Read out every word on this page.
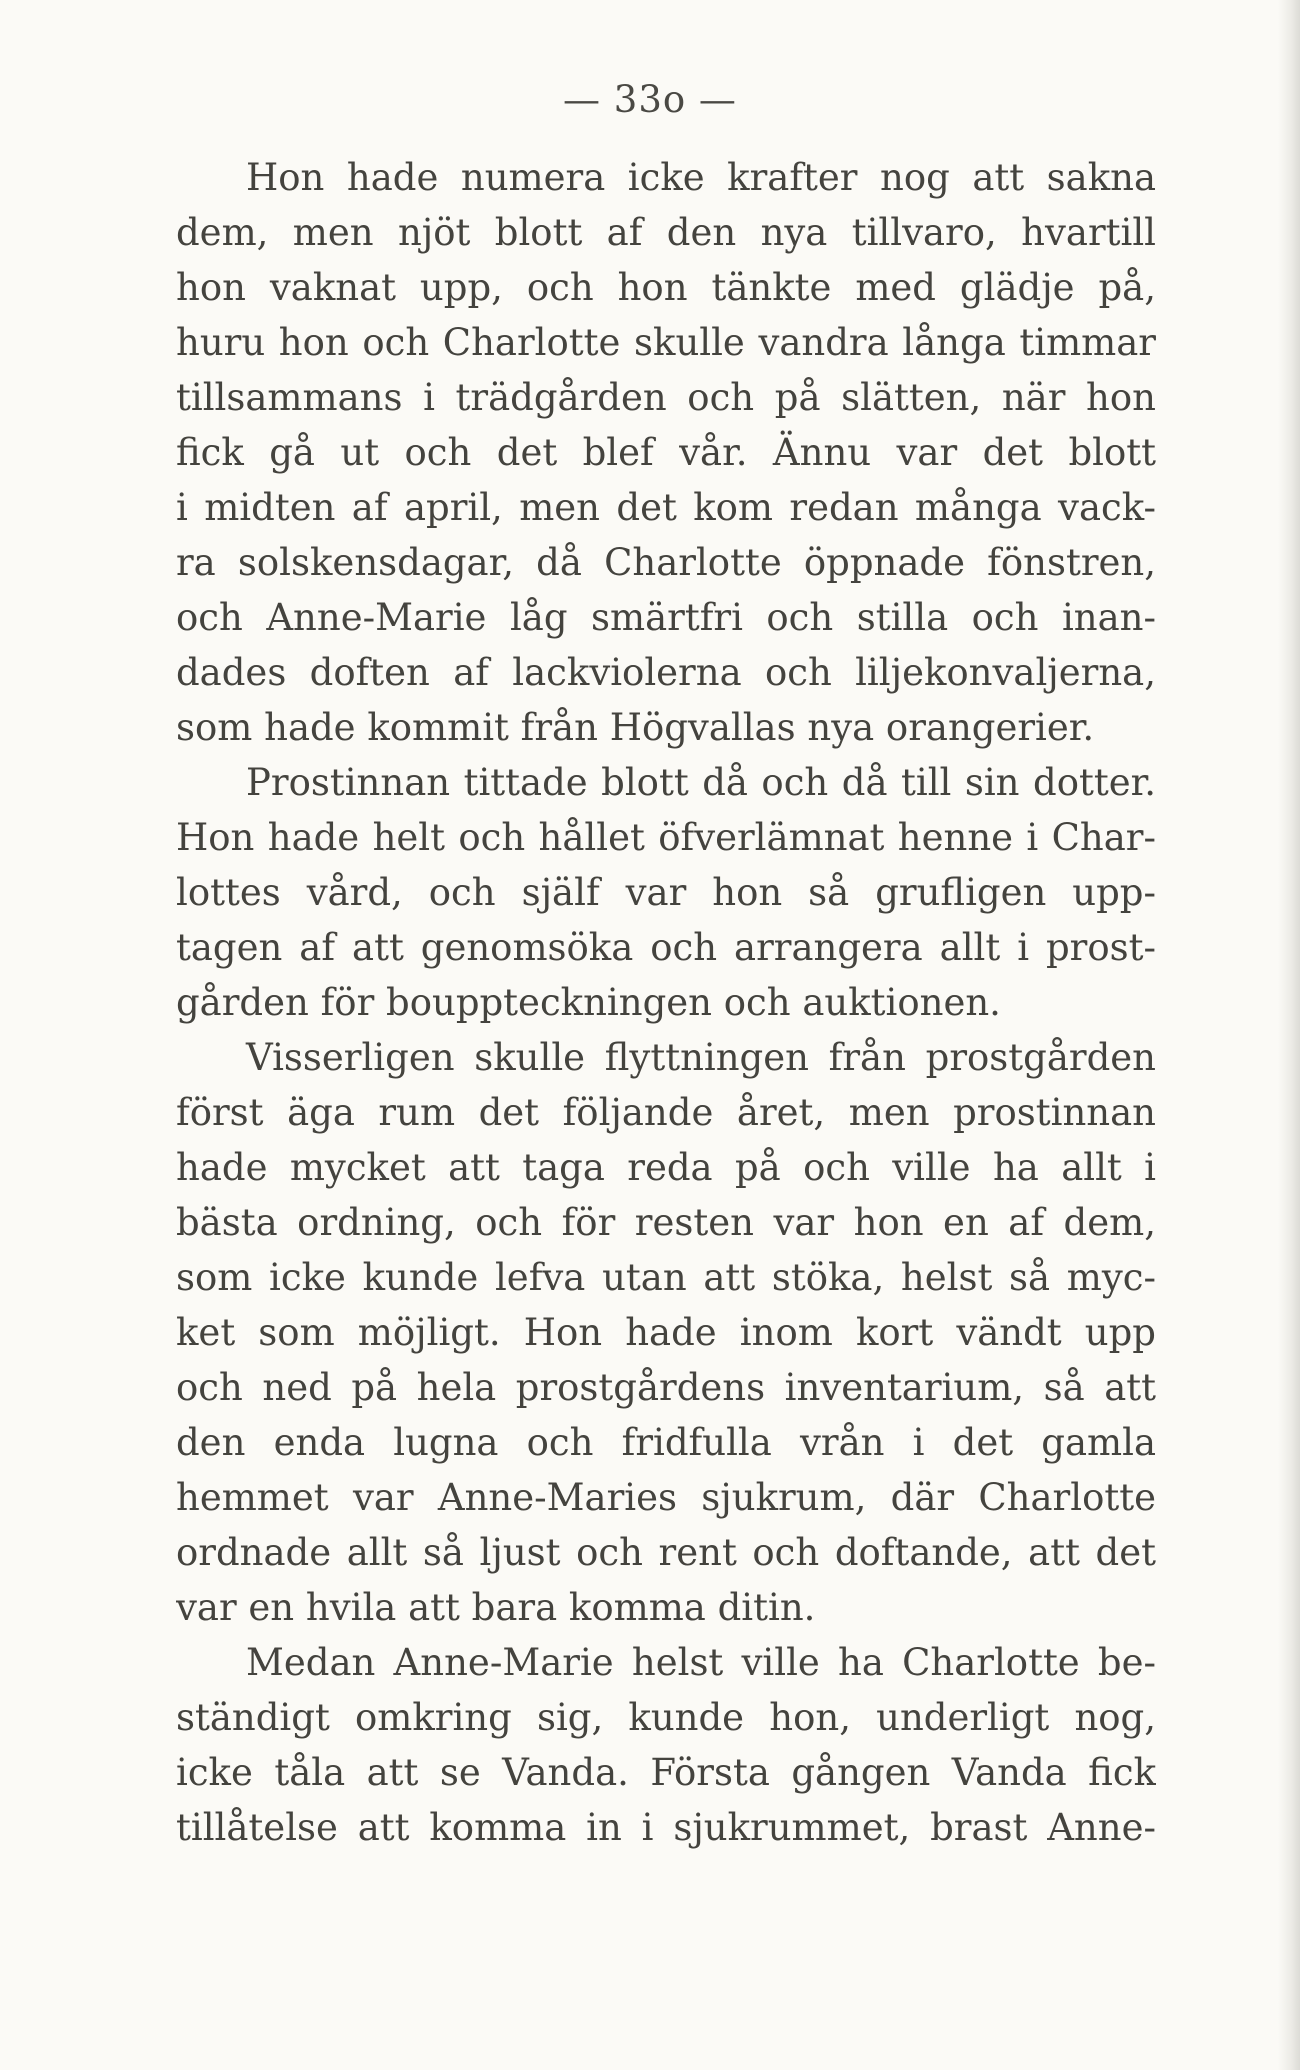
— 33o —
Hon hade numera icke krafter nog att sakna
dem, men njöt blott af den nya tillvaro, hvartill
hon vaknat upp, och hon tänkte med glädje på,
huru hon och Charlotte skulle vandra långa timmar
tillsammans i trädgården och på slätten, när hon
fick gå ut och det blef vår. Ännu var det blott
i midten af april, men det kom redan många vack-
ra solskensdagar, då Charlotte öppnade fönstren,
och Anne-Marie låg smärtfri och stilla och inan-
dades doften af lackviolerna och liljekonvaljerna,
som hade kommit från Högvallas nya orangerier.
Prostinnan tittade blott då och då till sin dotter.
Hon hade helt och hållet öfverlämnat henne i Char-
lottes vård, och själf var hon så grufligen upp-
tagen af att genomsöka och arrangera allt i prost-
gården för bouppteckningen och auktionen.
Visserligen skulle flyttningen från prostgården
först äga rum det följande året, men prostinnan
hade mycket att taga reda på och ville ha allt i
bästa ordning, och för resten var hon en af dem,
som icke kunde lefva utan att stöka, helst så myc-
ket som möjligt. Hon hade inom kort vändt upp
och ned på hela prostgårdens inventarium, så att
den enda lugna och fridfulla vrån i det gamla
hemmet var Anne-Maries sjukrum, där Charlotte
ordnade allt så ljust och rent och doftande, att det
var en hvila att bara komma ditin.
Medan Anne-Marie helst ville ha Charlotte be-
ständigt omkring sig, kunde hon, underligt nog,
icke tåla att se Vanda. Första gången Vanda fick
tillåtelse att komma in i sjukrummet, brast Anne-
